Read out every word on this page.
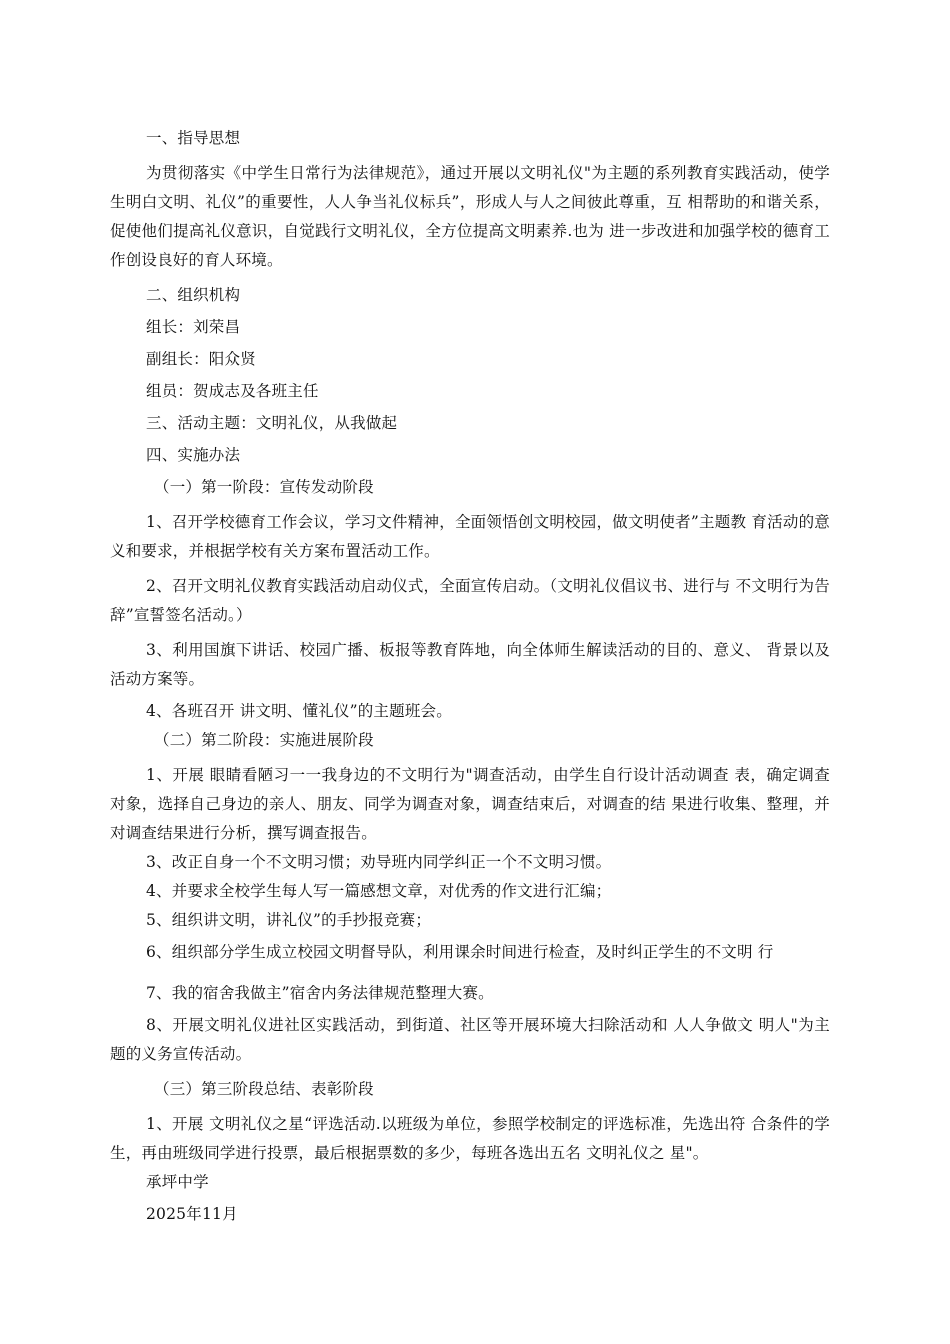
一、指导思想

为贯彻落实《中学生日常行为法律规范》，通过开展以文明礼仪"为主题的系列教育实践活动，使学生明白文明、礼仪”的重要性，人人争当礼仪标兵”，形成人与人之间彼此尊重，互 相帮助的和谐关系，促使他们提高礼仪意识，自觉践行文明礼仪，全方位提高文明素养.也为 进一步改进和加强学校的德育工作创设良好的育人环境。

二、组织机构

组长：刘荣昌

副组长：阳众贤

组员：贺成志及各班主任

三、活动主题：文明礼仪，从我做起

四、实施办法

（一）第一阶段：宣传发动阶段

1、召开学校德育工作会议，学习文件精神，全面领悟创文明校园，做文明使者”主题教 育活动的意义和要求，并根据学校有关方案布置活动工作。

2、召开文明礼仪教育实践活动启动仪式，全面宣传启动。（文明礼仪倡议书、进行与 不文明行为告辞”宣誓签名活动。）

3、利用国旗下讲话、校园广播、板报等教育阵地，向全体师生解读活动的目的、意义、 背景以及活动方案等。

4、各班召开 讲文明、懂礼仪”的主题班会。

（二）第二阶段：实施进展阶段

1、开展 眼睛看陋习一一我身边的不文明行为"调查活动，由学生自行设计活动调查 表，确定调查对象，选择自己身边的亲人、朋友、同学为调查对象，调查结束后，对调查的结 果进行收集、整理，并对调查结果进行分析，撰写调查报告。

3、改正自身一个不文明习惯；劝导班内同学纠正一个不文明习惯。

4、并要求全校学生每人写一篇感想文章，对优秀的作文进行汇编；

5、组织讲文明，讲礼仪”的手抄报竞赛；

6、组织部分学生成立校园文明督导队，利用课余时间进行检查，及时纠正学生的不文明 行

7、我的宿舍我做主”宿舍内务法律规范整理大赛。

8、开展文明礼仪进社区实践活动，到街道、社区等开展环境大扫除活动和 人人争做文 明人"为主题的义务宣传活动。

（三）第三阶段总结、表彰阶段

1、开展 文明礼仪之星“评选活动.以班级为单位，参照学校制定的评选标准，先选出符 合条件的学生，再由班级同学进行投票，最后根据票数的多少，每班各选出五名 文明礼仪之 星"。

承坪中学

2025年11月
